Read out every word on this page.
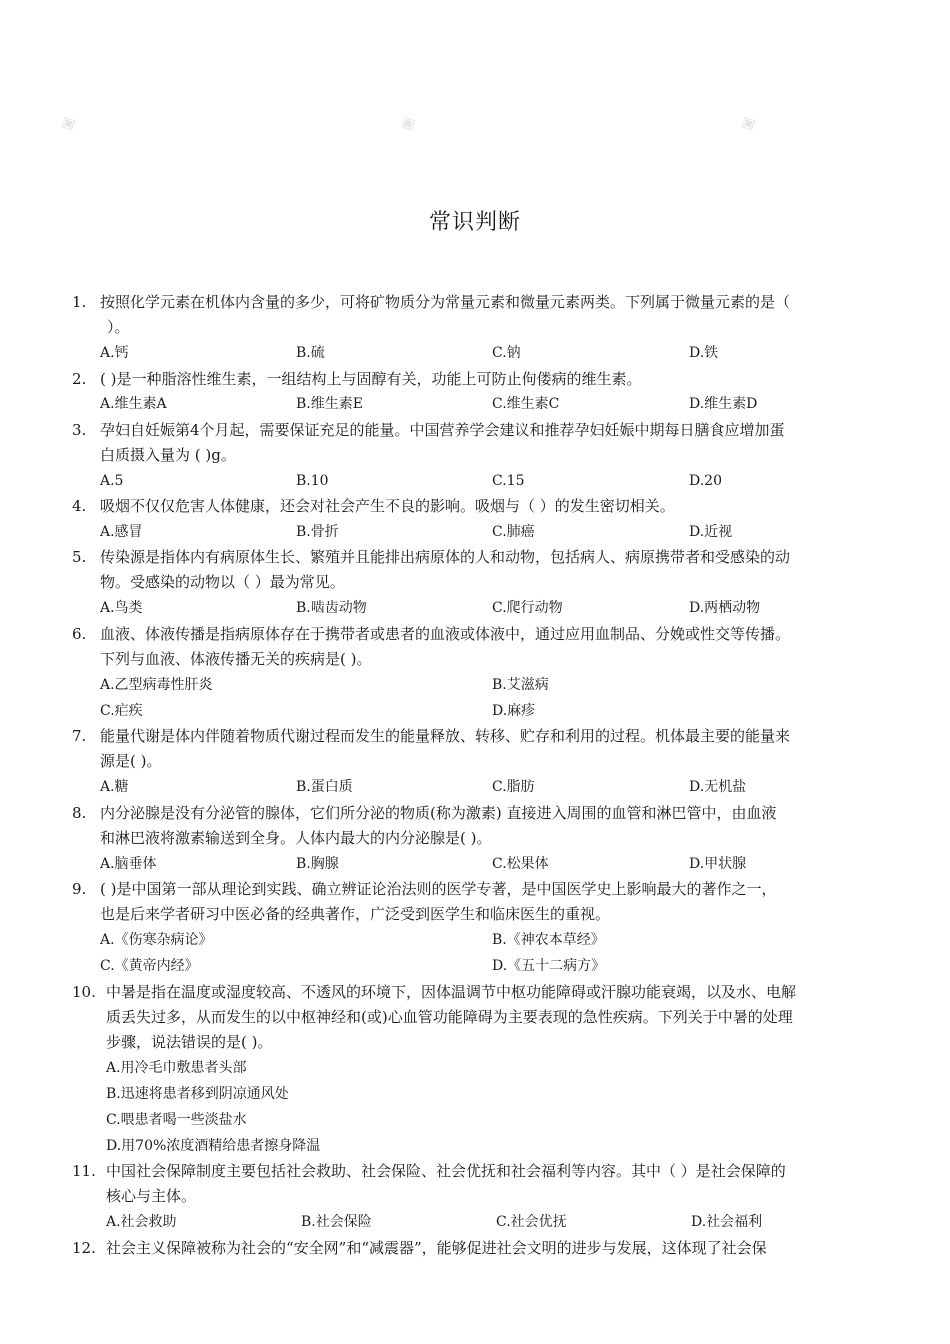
◈	◈	◈
常识判断
1. 按照化学元素在机体内含量的多少，可将矿物质分为常量元素和微量元素两类。下列属于微量元素的是（
）。
A.钙	B.硫	C.钠	D.铁
2. ( )是一种脂溶性维生素，一组结构上与固醇有关，功能上可防止佝偻病的维生素。
A.维生素A	B.维生素E	C.维生素C	D.维生素D
3. 孕妇自妊娠第4个月起，需要保证充足的能量。中国营养学会建议和推荐孕妇妊娠中期每日膳食应增加蛋
白质摄入量为 ( )g。
A.5	B.10	C.15	D.20
4. 吸烟不仅仅危害人体健康，还会对社会产生不良的影响。吸烟与（ ）的发生密切相关。
A.感冒	B.骨折	C.肺癌	D.近视
5. 传染源是指体内有病原体生长、繁殖并且能排出病原体的人和动物，包括病人、病原携带者和受感染的动
物。受感染的动物以（ ）最为常见。
A.鸟类	B.啮齿动物	C.爬行动物	D.两栖动物
6. 血液、体液传播是指病原体存在于携带者或患者的血液或体液中，通过应用血制品、分娩或性交等传播。
下列与血液、体液传播无关的疾病是( )。
A.乙型病毒性肝炎	B.艾滋病
C.疟疾	D.麻疹
7. 能量代谢是体内伴随着物质代谢过程而发生的能量释放、转移、贮存和利用的过程。机体最主要的能量来
源是( )。
A.糖	B.蛋白质	C.脂肪	D.无机盐
8. 内分泌腺是没有分泌管的腺体，它们所分泌的物质(称为激素) 直接进入周围的血管和淋巴管中，由血液
和淋巴液将激素输送到全身。人体内最大的内分泌腺是( )。
A.脑垂体	B.胸腺	C.松果体	D.甲状腺
9. ( )是中国第一部从理论到实践、确立辨证论治法则的医学专著，是中国医学史上影响最大的著作之一，
也是后来学者研习中医必备的经典著作，广泛受到医学生和临床医生的重视。
A.《伤寒杂病论》	B.《神农本草经》
C.《黄帝内经》	D.《五十二病方》
10. 中暑是指在温度或湿度较高、不透风的环境下，因体温调节中枢功能障碍或汗腺功能衰竭，以及水、电解
质丢失过多，从而发生的以中枢神经和(或)心血管功能障碍为主要表现的急性疾病。下列关于中暑的处理
步骤，说法错误的是( )。
A.用冷毛巾敷患者头部
B.迅速将患者移到阴凉通风处
C.喂患者喝一些淡盐水
D.用70%浓度酒精给患者擦身降温
11. 中国社会保障制度主要包括社会救助、社会保险、社会优抚和社会福利等内容。其中（ ）是社会保障的
核心与主体。
A.社会救助	B.社会保险	C.社会优抚	D.社会福利
12. 社会主义保障被称为社会的“安全网”和“减震器”，能够促进社会文明的进步与发展，这体现了社会保
